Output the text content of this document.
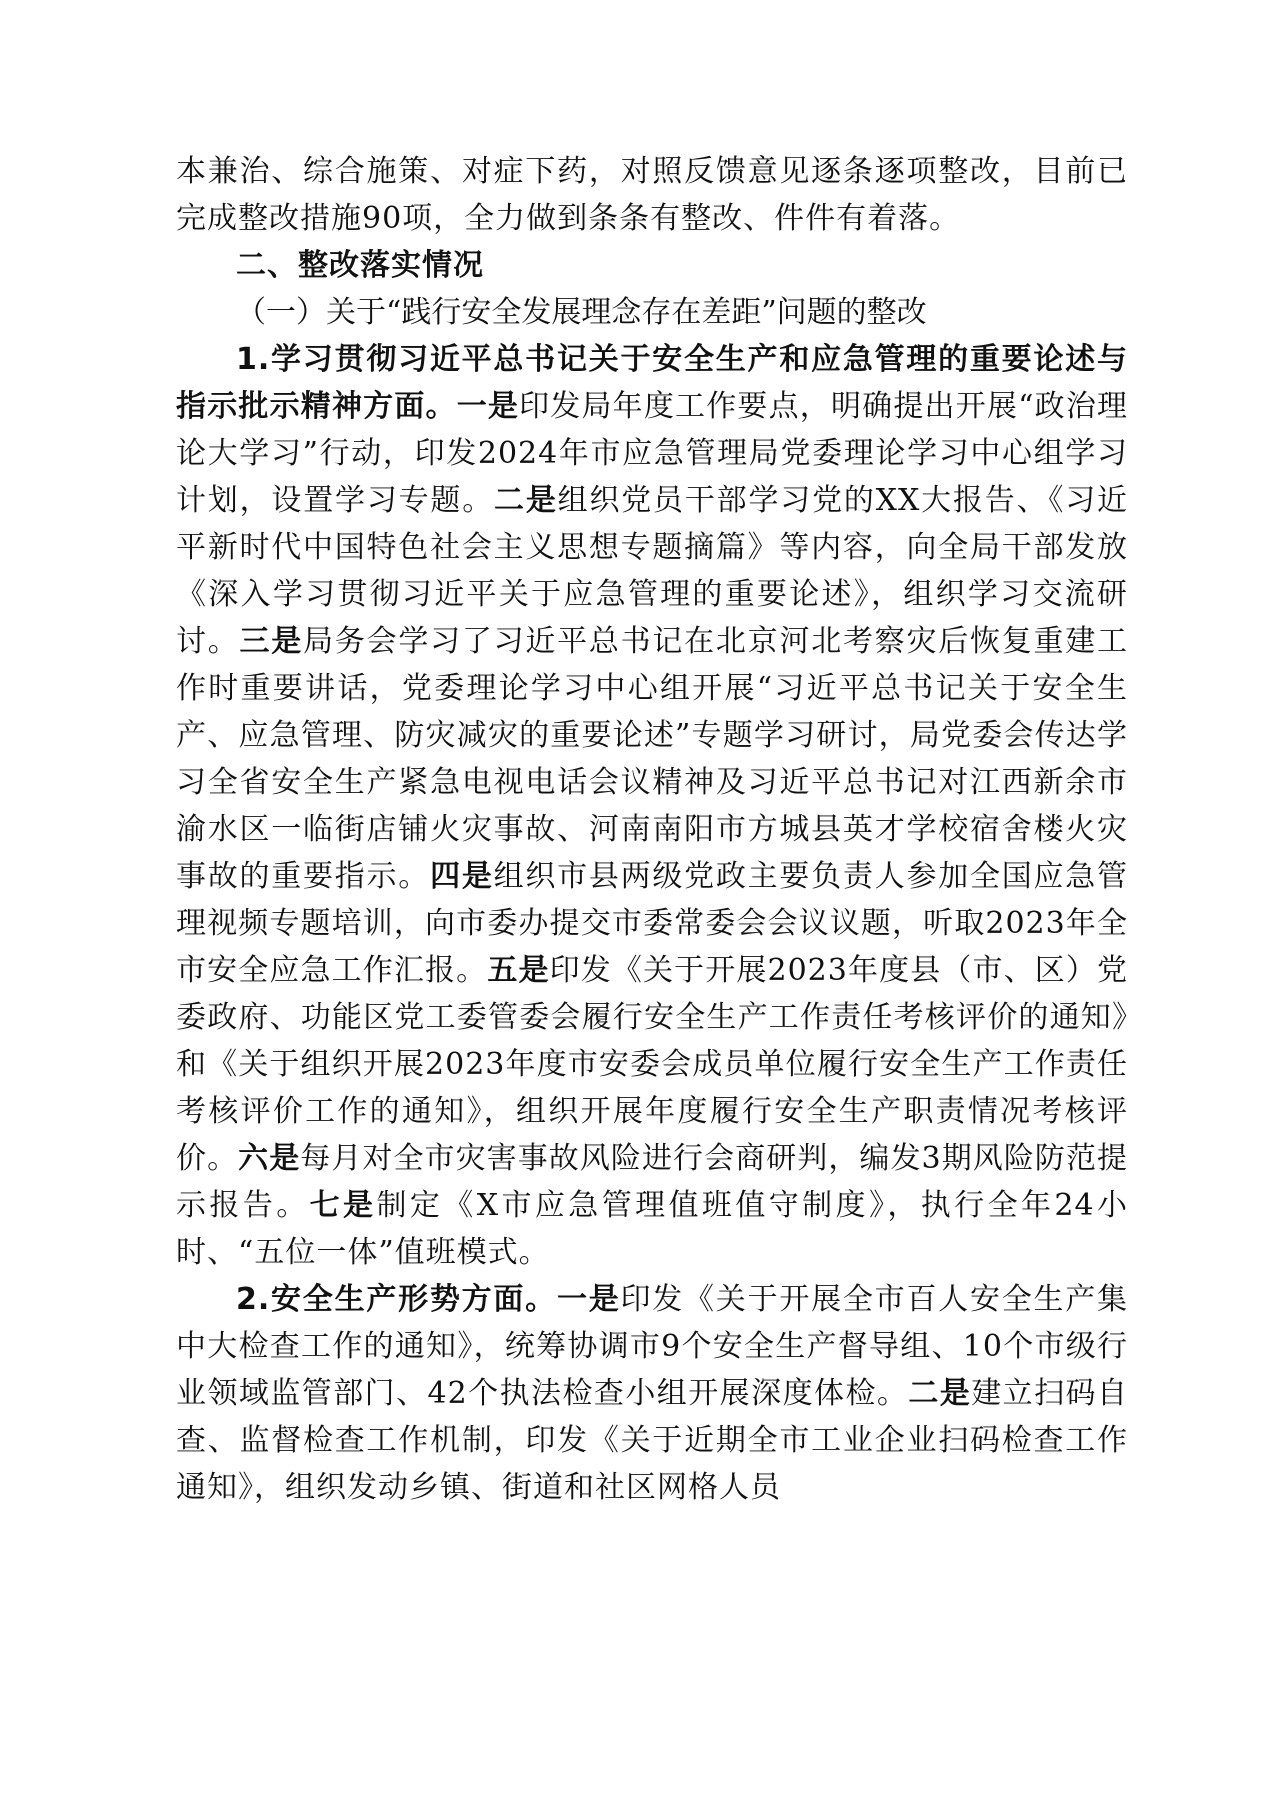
本兼治、综合施策、对症下药，对照反馈意见逐条逐项整改，目前已完成整改措施90项，全力做到条条有整改、件件有着落。

二、整改落实情况

（一）关于“践行安全发展理念存在差距”问题的整改

1.学习贯彻习近平总书记关于安全生产和应急管理的重要论述与指示批示精神方面。一是印发局年度工作要点，明确提出开展“政治理论大学习”行动，印发2024年市应急管理局党委理论学习中心组学习计划，设置学习专题。二是组织党员干部学习党的XX大报告、《习近平新时代中国特色社会主义思想专题摘篇》等内容，向全局干部发放《深入学习贯彻习近平关于应急管理的重要论述》，组织学习交流研讨。三是局务会学习了习近平总书记在北京河北考察灾后恢复重建工作时重要讲话，党委理论学习中心组开展“习近平总书记关于安全生产、应急管理、防灾减灾的重要论述”专题学习研讨，局党委会传达学习全省安全生产紧急电视电话会议精神及习近平总书记对江西新余市渝水区一临街店铺火灾事故、河南南阳市方城县英才学校宿舍楼火灾事故的重要指示。四是组织市县两级党政主要负责人参加全国应急管理视频专题培训，向市委办提交市委常委会会议议题，听取2023年全市安全应急工作汇报。五是印发《关于开展2023年度县（市、区）党委政府、功能区党工委管委会履行安全生产工作责任考核评价的通知》和《关于组织开展2023年度市安委会成员单位履行安全生产工作责任考核评价工作的通知》，组织开展年度履行安全生产职责情况考核评价。六是每月对全市灾害事故风险进行会商研判，编发3期风险防范提示报告。七是制定《X市应急管理值班值守制度》，执行全年24小时、“五位一体”值班模式。

2.安全生产形势方面。一是印发《关于开展全市百人安全生产集中大检查工作的通知》，统筹协调市9个安全生产督导组、10个市级行业领域监管部门、42个执法检查小组开展深度体检。二是建立扫码自查、监督检查工作机制，印发《关于近期全市工业企业扫码检查工作通知》，组织发动乡镇、街道和社区网格人员
